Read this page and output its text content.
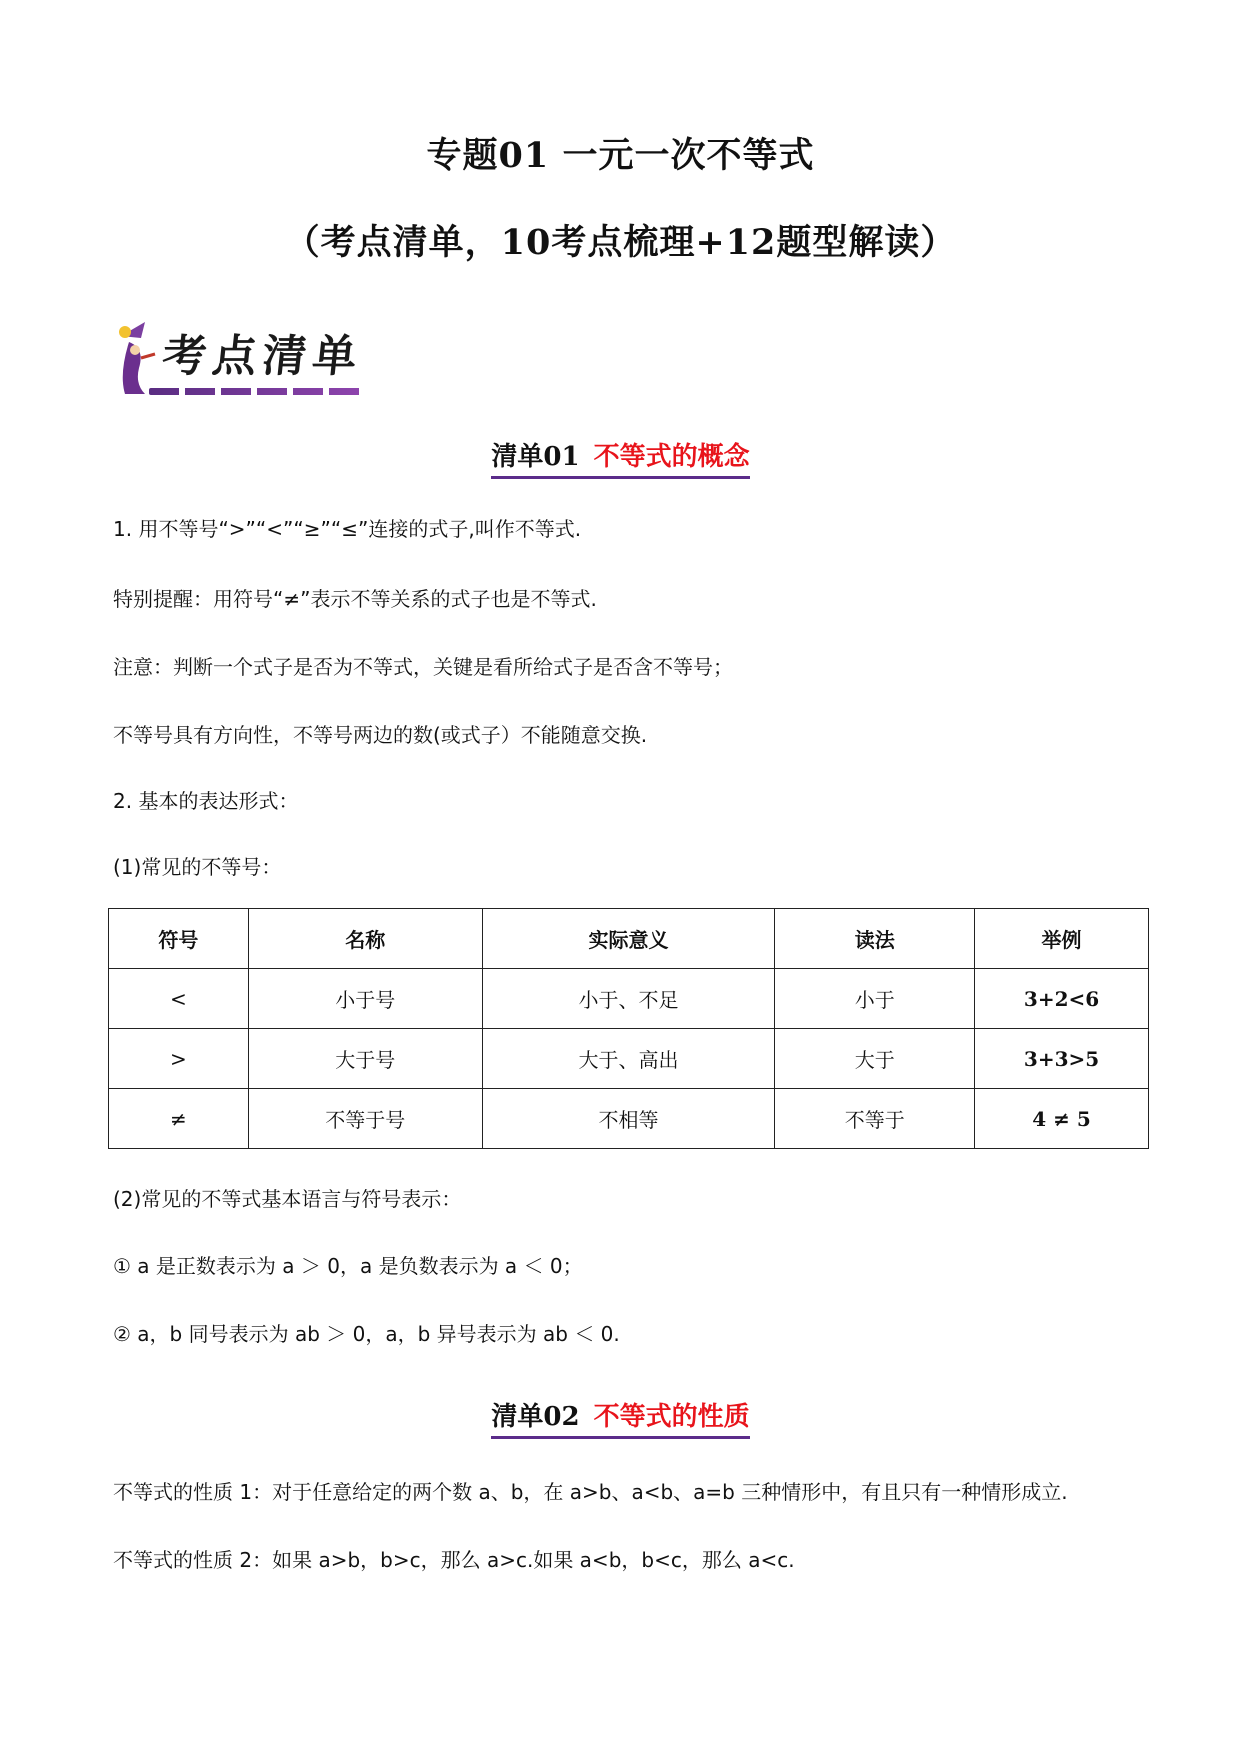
专题01 一元一次不等式
（考点清单，10考点梳理+12题型解读）
考点清单
清单01 不等式的概念
1. 用不等号“>”“<”“≥”“≤”连接的式子,叫作不等式.
特别提醒：用符号“≠”表示不等关系的式子也是不等式.
注意：判断一个式子是否为不等式，关键是看所给式子是否含不等号；
不等号具有方向性，不等号两边的数(或式子）不能随意交换.
2. 基本的表达形式：
(1)常见的不等号：
符号	名称	实际意义	读法	举例
<	小于号	小于、不足	小于	3+2<6
>	大于号	大于、高出	大于	3+3>5
≠	不等于号	不相等	不等于	4 ≠ 5
(2)常见的不等式基本语言与符号表示：
① a 是正数表示为 a ＞ 0，a 是负数表示为 a ＜ 0；
② a，b 同号表示为 ab ＞ 0，a，b 异号表示为 ab ＜ 0.
清单02 不等式的性质
不等式的性质 1：对于任意给定的两个数 a、b，在 a>b、a<b、a=b 三种情形中，有且只有一种情形成立.
不等式的性质 2：如果 a>b，b>c，那么 a>c.如果 a<b，b<c，那么 a<c.
